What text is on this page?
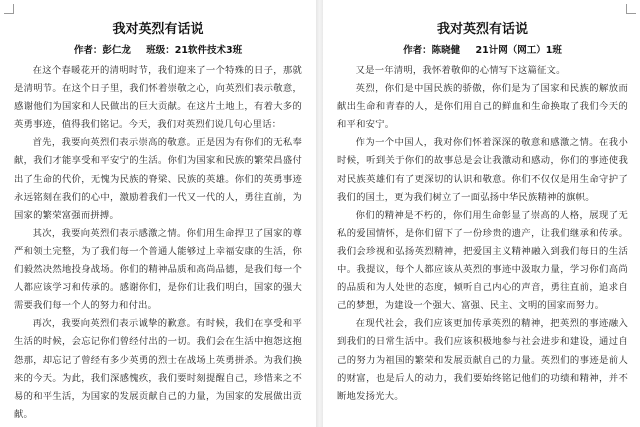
我对英烈有话说
作者：彭仁龙 班级：21软件技术3班

在这个春暖花开的清明时节，我们迎来了一个特殊的日子，那就是清明节。在这个日子里，我们怀着崇敬之心，向英烈们表示敬意，感谢他们为国家和人民做出的巨大贡献。在这片土地上，有着大多的英勇事迹，值得我们铭记。今天，我们对英烈们说几句心里话：

首先，我要向英烈们表示崇高的敬意。正是因为有你们的无私奉献，我们才能享受和平安宁的生活。你们为国家和民族的繁荣昌盛付出了生命的代价，无愧为民族的脊梁、民族的英雄。你们的英勇事迹永远铭刻在我们的心中，激励着我们一代又一代的人，勇往直前，为国家的繁荣富强而拼搏。

其次，我要向英烈们表示感激之情。你们用生命捍卫了国家的尊严和领土完整，为了我们每一个普通人能够过上幸福安康的生活，你们毅然决然地投身战场。你们的精神品质和高尚品德，是我们每一个人都应该学习和传承的。感谢你们，是你们让我们明白，国家的强大需要我们每一个人的努力和付出。

再次，我要向英烈们表示诚挚的歉意。有时候，我们在享受和平生活的时候，会忘记你们曾经付出的一切。我们会在生活中抱怨这抱怨那，却忘记了曾经有多少英勇的烈士在战场上英勇拼杀。为我们换来的今天。为此，我们深感愧疚，我们要时刻提醒自己，珍惜来之不易的和平生活，为国家的发展贡献自己的力量，为国家的发展做出贡献。

我对英烈有话说
作者：陈晓健 21计网（网工）1班

又是一年清明，我怀着敬仰的心情写下这篇征文。

英烈，你们是中国民族的骄傲，你们是为了国家和民族的解放而献出生命和青春的人，是你们用自己的鲜血和生命换取了我们今天的和平和安宁。

作为一个中国人，我对你们怀着深深的敬意和感激之情。在我小时候，听到关于你们的故事总是会让我激动和感动，你们的事迹使我对民族英雄们有了更深切的认识和敬意。你们不仅仅是用生命守护了我们的国土，更为我们树立了一面弘扬中华民族精神的旗帜。

你们的精神是不朽的，你们用生命彰显了崇高的人格，展现了无私的爱国情怀，是你们留下了一份珍贵的遗产，让我们继承和传承。我们会珍视和弘扬英烈精神，把爱国主义精神融入到我们每日的生活中。我提议，每个人都应该从英烈的事迹中汲取力量，学习你们高尚的品质和为人处世的态度，倾听自己内心的声音，勇往直前，追求自己的梦想，为建设一个强大、富强、民主、文明的国家而努力。

在现代社会，我们应该更加传承英烈的精神，把英烈的事迹融入到我们的日常生活中。我们应该积极地参与社会进步和建设，通过自己的努力为祖国的繁荣和发展贡献自己的力量。英烈们的事迹是前人的财富，也是后人的动力，我们要始终铭记他们的功绩和精神，并不断地发扬光大。
